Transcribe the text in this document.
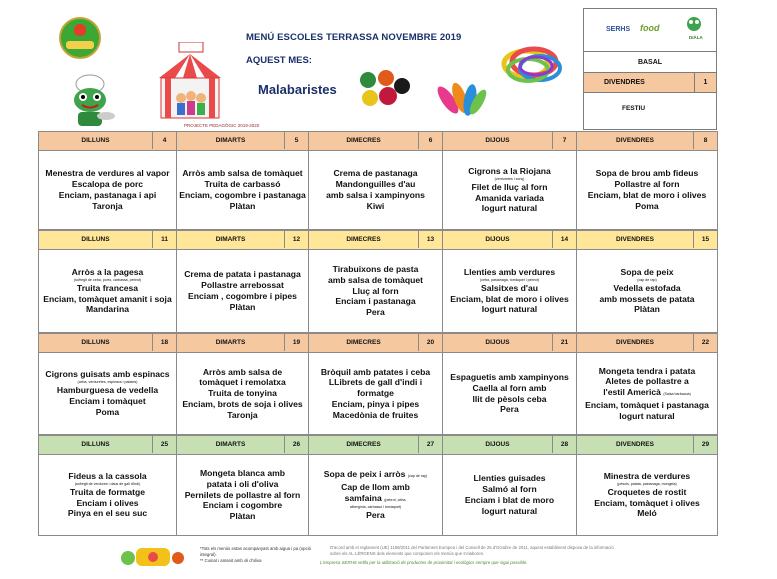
PROJECTE PEDAGÒGIC 2019-2020
MENÚ ESCOLES TERRASSA NOVEMBRE 2019
AQUEST MES:
Malabaristes
SERHS food
DIÀLA
BASAL
DIVENDRES	1
FESTIU
DILLUNS	4
Menestra de verdures al vapor
Escalopa de porc
Enciam, pastanaga i api
Taronja
DIMARTS	5
Arròs amb salsa de tomàquet
Truita de carbassó
Enciam, cogombre i pastanaga
Plàtan
DIMECRES	6
Crema de pastanaga
Mandonguilles d'au
amb salsa i xampinyons
Kiwi
DIJOUS	7
Cigrons a la Riojana
(verduretes i xoriç)
Filet de lluç al forn
Amanida variada
Iogurt natural
DIVENDRES	8
Sopa de brou amb fideus
Pollastre al forn
Enciam, blat de moro i olives
Poma
DILLUNS	11
Arròs a la pagesa
(sofregit de ceba, porro, carbassa, pebrot)
Truita francesa
Enciam, tomàquet amanit i soja
Mandarina
DIMARTS	12
Crema de patata i pastanaga
Pollastre arrebossat
Enciam , cogombre i pipes
Plàtan
DIMECRES	13
Tirabuixons de pasta
amb salsa de tomàquet
Lluç al forn
Enciam i pastanaga
Pera
DIJOUS	14
Llenties amb verdures
(ceba, pastanaga, tomàquet i pebrot)
Salsitxes d'au
Enciam, blat de moro i olives
Iogurt natural
DIVENDRES	15
Sopa de peix
(cap de rap)
Vedella estofada
amb mossets de patata
Plàtan
DILLUNS	18
Cigrons guisats amb espinacs
(ceba, verduretes, espinacs i patates)
Hamburguesa de vedella
Enciam i tomàquet
Poma
DIMARTS	19
Arròs amb salsa de
tomàquet i remolatxa
Truita de tonyina
Enciam, brots de soja i olives
Taronja
DIMECRES	20
Bròquil amb patates i ceba
LLibrets de gall d'indi i
formatge
Enciam, pinya i pipes
Macedònia de fruites
DIJOUS	21
Espaguetis amb xampinyons
Caella al forn amb
llit de pèsols ceba
Pera
DIVENDRES	22
Mongeta tendra i patata
Aletes de pollastre a
l'estil Americà (Salsa barbacoa)
Enciam, tomàquet i pastanaga
Iogurt natural
DILLUNS	25
Fideus a la cassola
(sofregit de verdures i daus de gall d'indi)
Truita de formatge
Enciam i olives
Pinya en el seu suc
DIMARTS	26
Mongeta blanca amb
patata i oli d'oliva
Pernilets de pollastre al forn
Enciam i cogombre
Plàtan
DIMECRES	27
Sopa de peix i arròs (cap de rap)
Cap de llom amb
samfaina (pebrot, ceba,
albergínia, carbassó i tomàquet)
Pera
DIJOUS	28
Llenties guisades
Salmó al forn
Enciam i blat de moro
Iogurt natural
DIVENDRES	29
Minestra de verdures
(pèsols, patata, pastanaga, mongeta)
Croquetes de rostit
Enciam, tomàquet i olives
Meló
*Tots els menús estan acompanyats amb aigua i pa (opció integral).
** Cuinat i amanit amb oli d'oliva
D'acord amb el reglament (UE) 1169/2011 del Parlament Europeu i del Consell de 25 d'Octubre de 2011, aquest establiment disposa de la informació sobre els AL·LÈRGENS dels elements que componen els menús que s'elaboren.
L'empresa SERHS vetlla per la utilització de productes de proximitat i ecològics sempre que sigui possible.
